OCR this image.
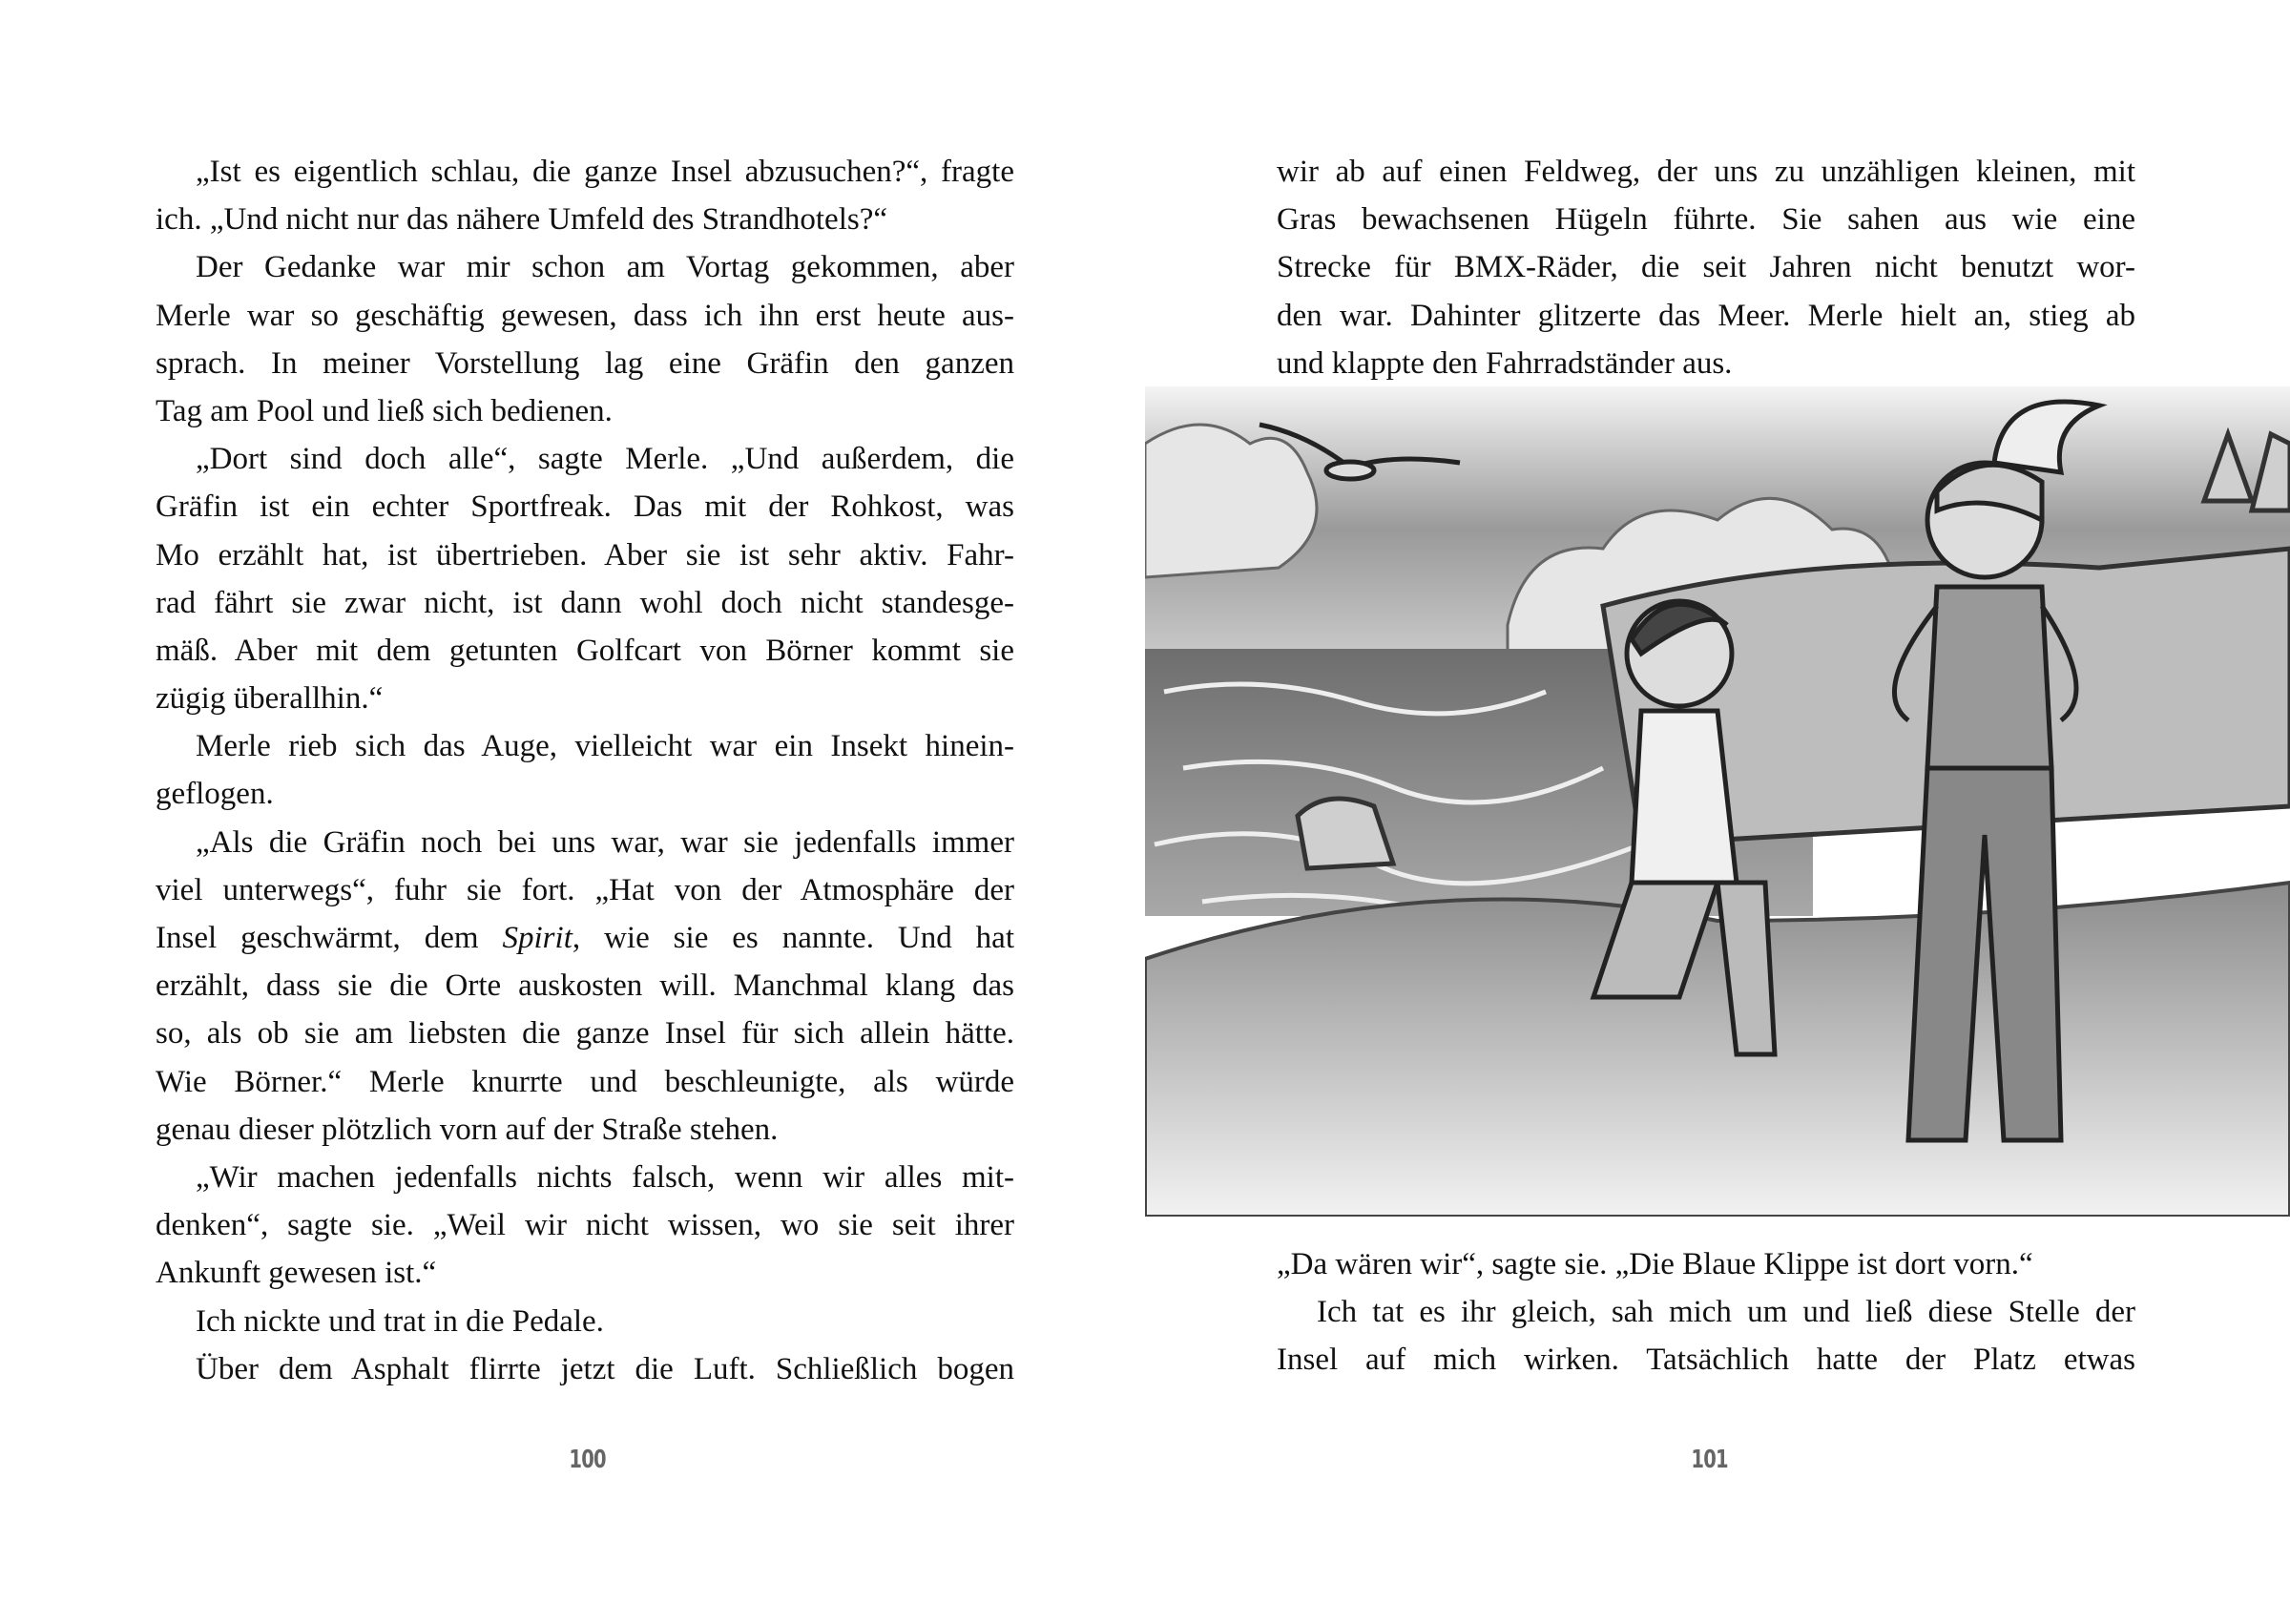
„Ist es eigentlich schlau, die ganze Insel abzusuchen?“, fragte
ich. „Und nicht nur das nähere Umfeld des Strandhotels?“
Der Gedanke war mir schon am Vortag gekommen, aber
Merle war so geschäftig gewesen, dass ich ihn erst heute aus-
sprach. In meiner Vorstellung lag eine Gräfin den ganzen
Tag am Pool und ließ sich bedienen.
„Dort sind doch alle“, sagte Merle. „Und außerdem, die
Gräfin ist ein echter Sportfreak. Das mit der Rohkost, was
Mo erzählt hat, ist übertrieben. Aber sie ist sehr aktiv. Fahr-
rad fährt sie zwar nicht, ist dann wohl doch nicht standesge-
mäß. Aber mit dem getunten Golfcart von Börner kommt sie
zügig überallhin.“
Merle rieb sich das Auge, vielleicht war ein Insekt hinein-
geflogen.
„Als die Gräfin noch bei uns war, war sie jedenfalls immer
viel unterwegs“, fuhr sie fort. „Hat von der Atmosphäre der
Insel geschwärmt, dem Spirit, wie sie es nannte. Und hat
erzählt, dass sie die Orte auskosten will. Manchmal klang das
so, als ob sie am liebsten die ganze Insel für sich allein hätte.
Wie Börner.“ Merle knurrte und beschleunigte, als würde
genau dieser plötzlich vorn auf der Straße stehen.
„Wir machen jedenfalls nichts falsch, wenn wir alles mit-
denken“, sagte sie. „Weil wir nicht wissen, wo sie seit ihrer
Ankunft gewesen ist.“
Ich nickte und trat in die Pedale.
Über dem Asphalt flirrte jetzt die Luft. Schließlich bogen
100
wir ab auf einen Feldweg, der uns zu unzähligen kleinen, mit
Gras bewachsenen Hügeln führte. Sie sahen aus wie eine
Strecke für BMX-Räder, die seit Jahren nicht benutzt wor-
den war. Dahinter glitzerte das Meer. Merle hielt an, stieg ab
und klappte den Fahrradständer aus.
„Da wären wir“, sagte sie. „Die Blaue Klippe ist dort vorn.“
Ich tat es ihr gleich, sah mich um und ließ diese Stelle der
Insel auf mich wirken. Tatsächlich hatte der Platz etwas
101
